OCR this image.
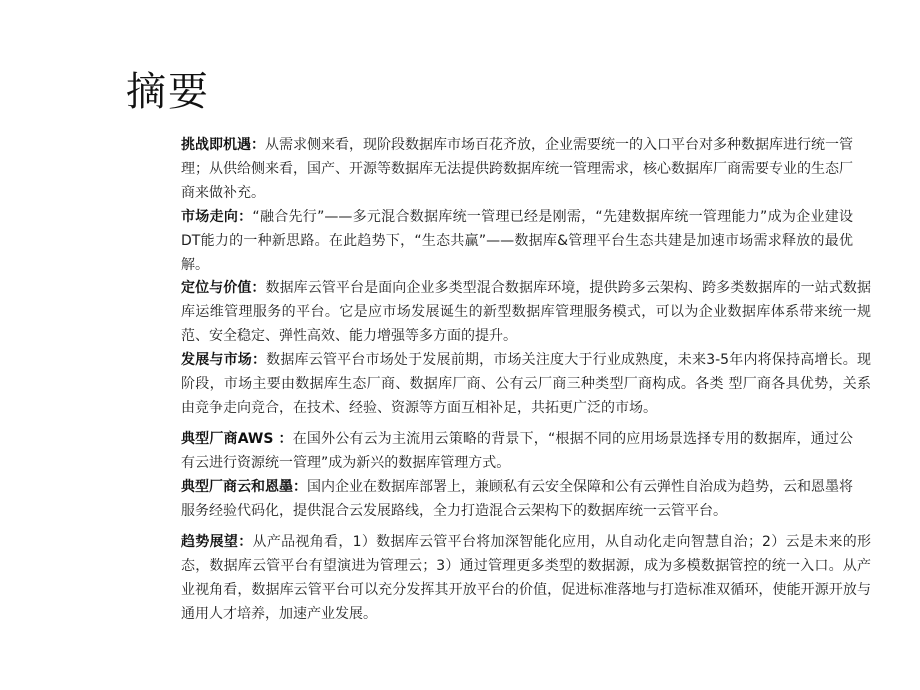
摘要

挑战即机遇：从需求侧来看，现阶段数据库市场百花齐放，企业需要统一的入口平台对多种数据库进行统一管理；从供给侧来看，国产、开源等数据库无法提供跨数据库统一管理需求，核心数据库厂商需要专业的生态厂商来做补充。

市场走向：“融合先行”——多元混合数据库统一管理已经是刚需，“先建数据库统一管理能力”成为企业建设DT能力的一种新思路。在此趋势下，“生态共赢”——数据库&管理平台生态共建是加速市场需求释放的最优解。

定位与价值：数据库云管平台是面向企业多类型混合数据库环境，提供跨多云架构、跨多类数据库的一站式数据库运维管理服务的平台。它是应市场发展诞生的新型数据库管理服务模式，可以为企业数据库体系带来统一规范、安全稳定、弹性高效、能力增强等多方面的提升。

发展与市场：数据库云管平台市场处于发展前期，市场关注度大于行业成熟度，未来3-5年内将保持高增长。现阶段，市场主要由数据库生态厂商、数据库厂商、公有云厂商三种类型厂商构成。各类 型厂商各具优势，关系由竞争走向竞合，在技术、经验、资源等方面互相补足，共拓更广泛的市场。

典型厂商AWS ：在国外公有云为主流用云策略的背景下，“根据不同的应用场景选择专用的数据库，通过公有云进行资源统一管理”成为新兴的数据库管理方式。

典型厂商云和恩墨：国内企业在数据库部署上，兼顾私有云安全保障和公有云弹性自治成为趋势，云和恩墨将服务经验代码化，提供混合云发展路线，全力打造混合云架构下的数据库统一云管平台。

趋势展望：从产品视角看，1）数据库云管平台将加深智能化应用，从自动化走向智慧自治；2）云是未来的形态，数据库云管平台有望演进为管理云；3）通过管理更多类型的数据源，成为多模数据管控的统一入口。从产业视角看，数据库云管平台可以充分发挥其开放平台的价值，促进标准落地与打造标准双循环，使能开源开放与通用人才培养，加速产业发展。
